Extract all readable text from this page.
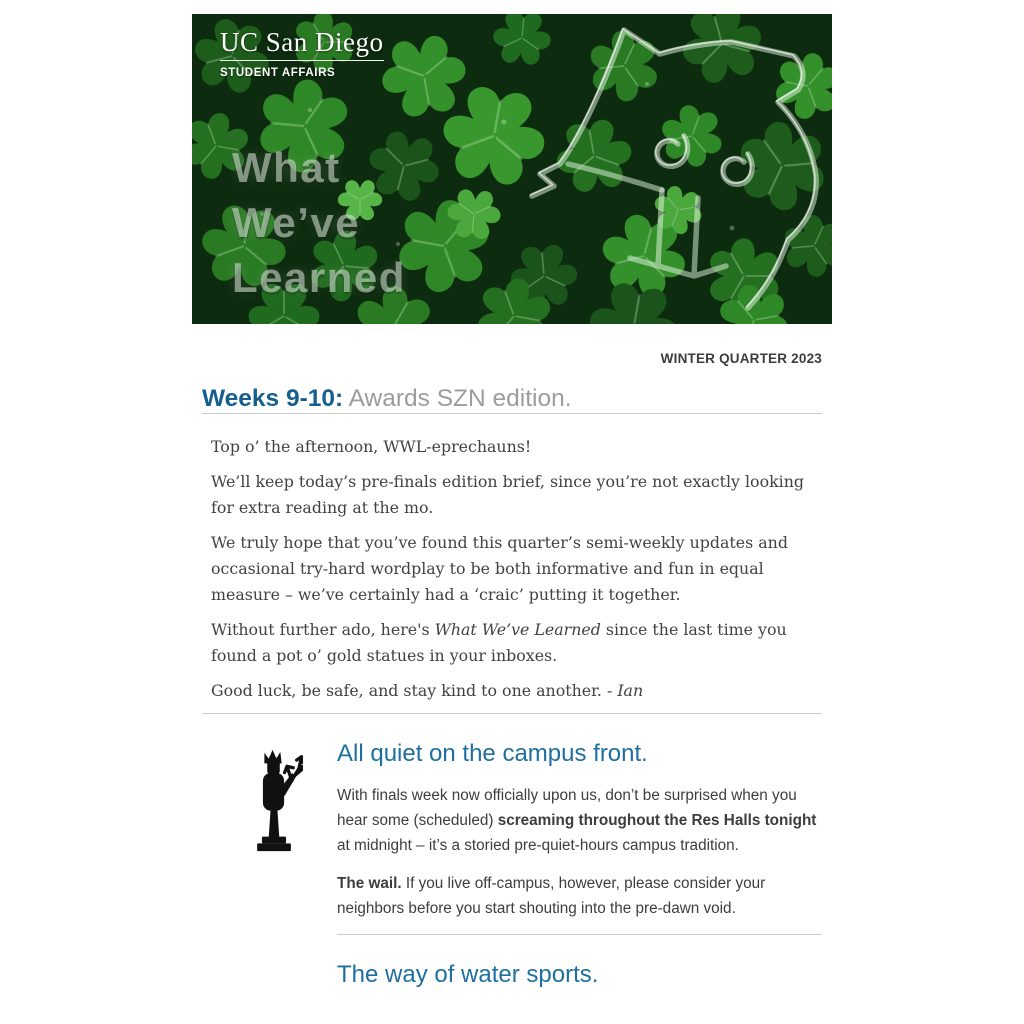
UC San Diego
STUDENT AFFAIRS
What
We’ve
Learned
WINTER QUARTER 2023
Weeks 9-10: Awards SZN edition.

Top o’ the afternoon, WWL-eprechauns!

We’ll keep today’s pre-finals edition brief, since you’re not exactly looking for extra reading at the mo.

We truly hope that you’ve found this quarter’s semi-weekly updates and occasional try-hard wordplay to be both informative and fun in equal measure – we’ve certainly had a ‘craic’ putting it together.

Without further ado, here's What We’ve Learned since the last time you found a pot o’ gold statues in your inboxes.

Good luck, be safe, and stay kind to one another. - Ian

All quiet on the campus front.

With finals week now officially upon us, don’t be surprised when you hear some (scheduled) screaming throughout the Res Halls tonight at midnight – it’s a storied pre-quiet-hours campus tradition.

The wail. If you live off-campus, however, please consider your neighbors before you start shouting into the pre-dawn void.

The way of water sports.
